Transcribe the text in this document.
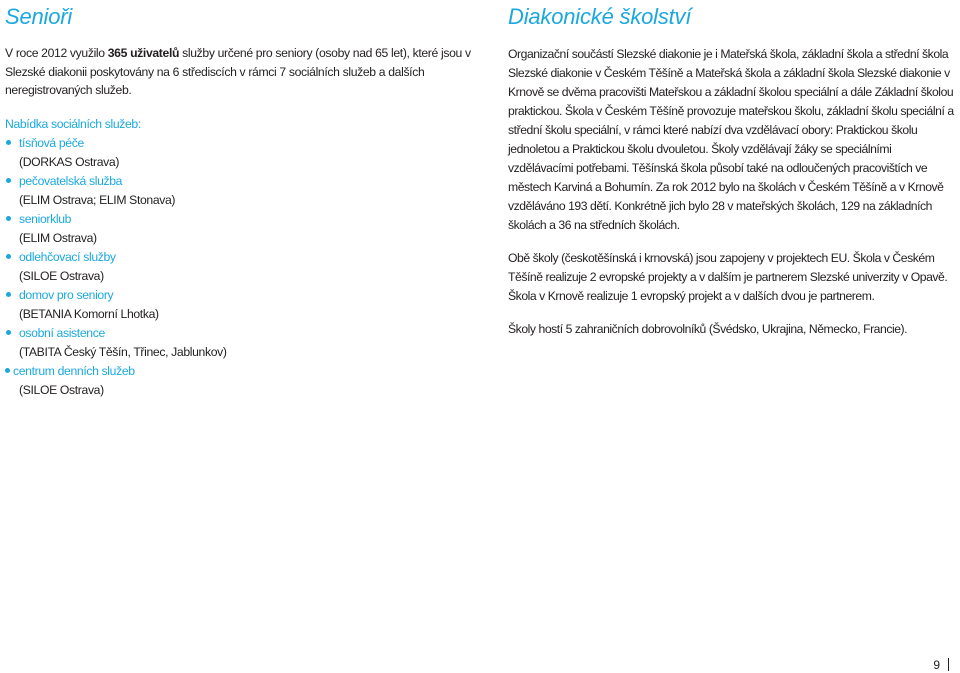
Senioři

V roce 2012 využilo 365 uživatelů služby určené pro seniory (osoby nad 65 let), které jsou v Slezské diakonii poskytovány na 6 střediscích v rámci 7 sociálních služeb a dalších neregistrovaných služeb.

Nabídka sociálních služeb:

tísňová péče
(DORKAS Ostrava)
pečovatelská služba
(ELIM Ostrava; ELIM Stonava)
seniorklub
(ELIM Ostrava)
odlehčovací služby
(SILOE Ostrava)
domov pro seniory
(BETANIA Komorní Lhotka)
osobní asistence
(TABITA Český Těšín, Třinec, Jablunkov)
centrum denních služeb
(SILOE Ostrava)
Diakonické školství

Organizační součástí Slezské diakonie je i Mateřská škola, základní škola a střední škola Slezské diakonie v Českém Těšíně a Mateřská škola a základní škola Slezské diakonie v Krnově se dvěma pracovišti Mateřskou a základní školou speciální a dále Základní školou praktickou. Škola v Českém Těšíně provozuje mateřskou školu, základní školu speciální a střední školu speciální, v rámci které nabízí dva vzdělávací obory: Praktickou školu jednoletou a Praktickou školu dvouletou. Školy vzdělávají žáky se speciálními vzdělávacími potřebami. Těšínská škola působí také na odloučených pracovištích ve městech Karviná a Bohumín. Za rok 2012 bylo na školách v Českém Těšíně a v Krnově vzděláváno 193 dětí. Konkrétně jich bylo 28 v mateřských školách, 129 na základních školách a 36 na středních školách.

Obě školy (českotěšínská i krnovská) jsou zapojeny v projektech EU. Škola v Českém Těšíně realizuje 2 evropské projekty a v dalším je partnerem Slezské univerzity v Opavě. Škola v Krnově realizuje 1 evropský projekt a v dalších dvou je partnerem.

Školy hostí 5 zahraničních dobrovolníků (Švédsko, Ukrajina, Německo, Francie).

9
